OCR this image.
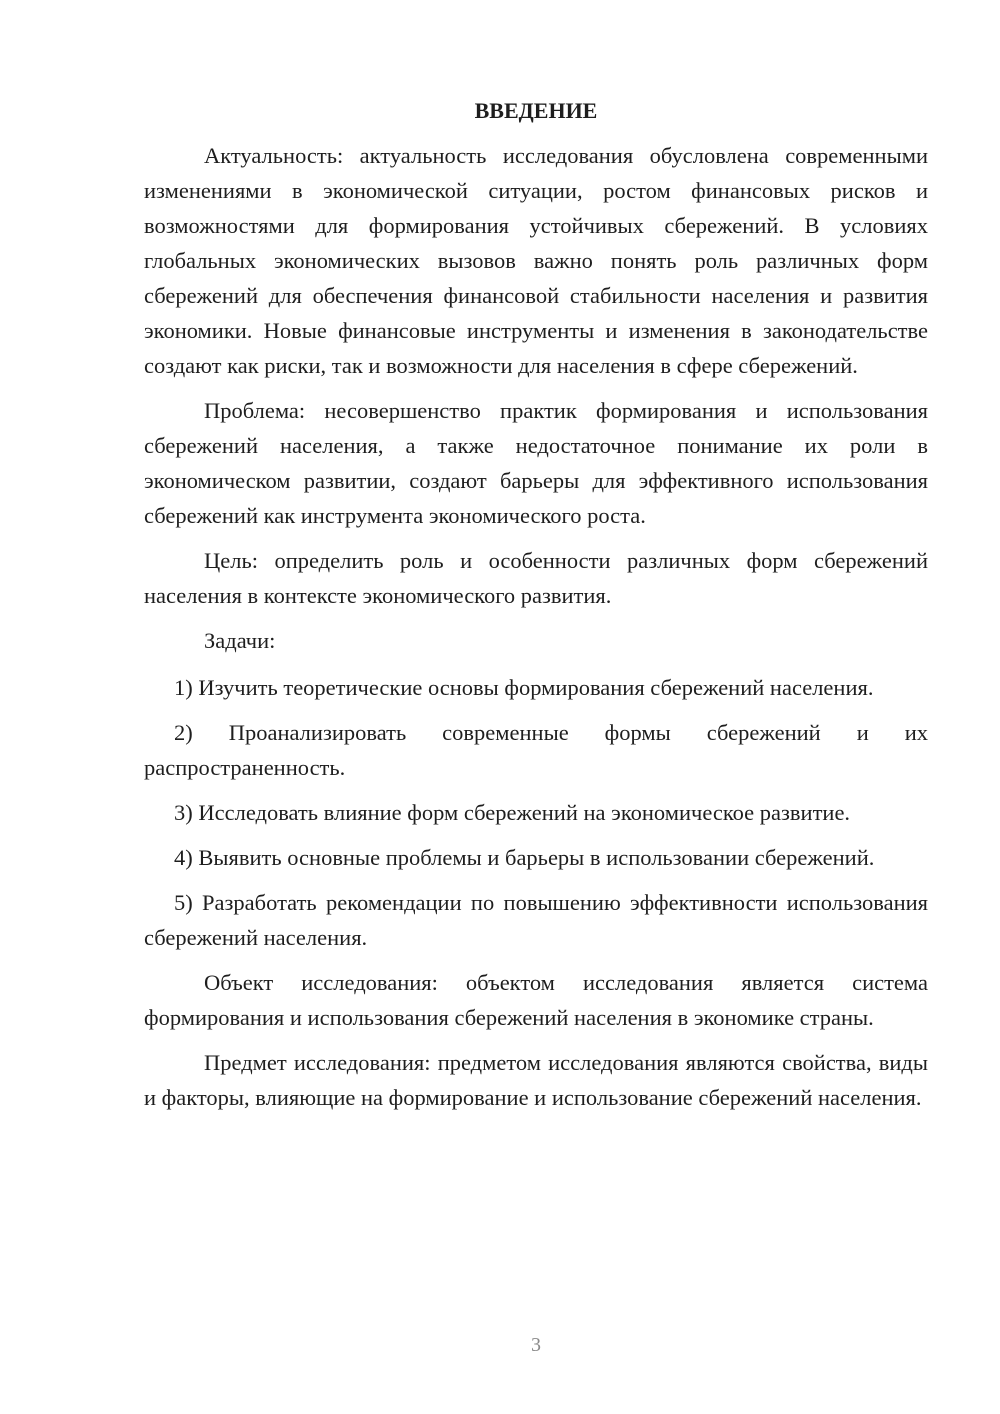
ВВЕДЕНИЕ

Актуальность: актуальность исследования обусловлена современными изменениями в экономической ситуации, ростом финансовых рисков и возможностями для формирования устойчивых сбережений. В условиях глобальных экономических вызовов важно понять роль различных форм сбережений для обеспечения финансовой стабильности населения и развития экономики. Новые финансовые инструменты и изменения в законодательстве создают как риски, так и возможности для населения в сфере сбережений.

Проблема: несовершенство практик формирования и использования сбережений населения, а также недостаточное понимание их роли в экономическом развитии, создают барьеры для эффективного использования сбережений как инструмента экономического роста.

Цель: определить роль и особенности различных форм сбережений населения в контексте экономического развития.

Задачи:

1) Изучить теоретические основы формирования сбережений населения.

2) Проанализировать современные формы сбережений и их распространенность.

3) Исследовать влияние форм сбережений на экономическое развитие.

4) Выявить основные проблемы и барьеры в использовании сбережений.

5) Разработать рекомендации по повышению эффективности использования сбережений населения.

Объект исследования: объектом исследования является система формирования и использования сбережений населения в экономике страны.

Предмет исследования: предметом исследования являются свойства, виды и факторы, влияющие на формирование и использование сбережений населения.

3
